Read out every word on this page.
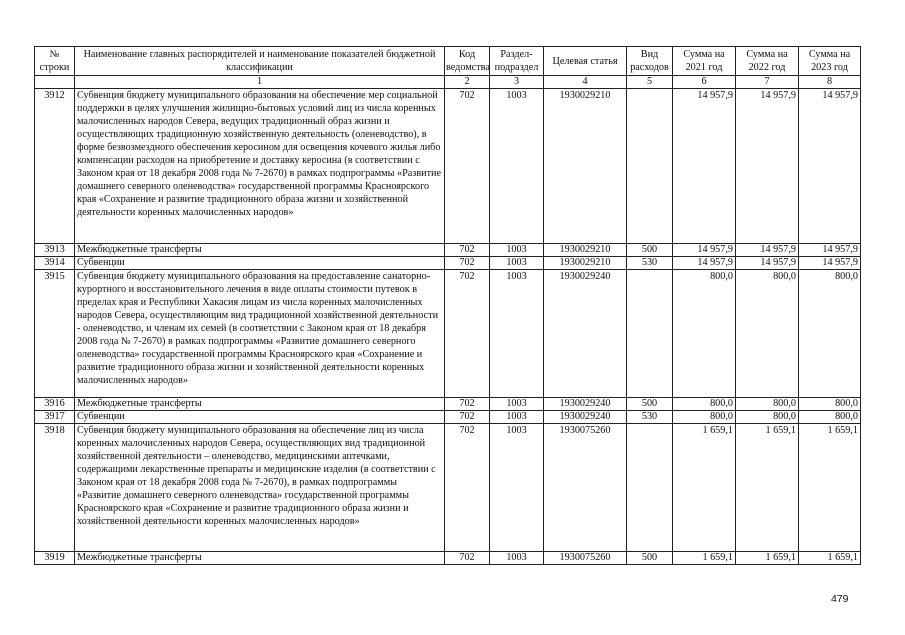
№ строки	Наименование главных распорядителей и наименование показателей бюджетной классификации	Код ведомства	Раздел-подраздел	Целевая статья	Вид расходов	Сумма на 2021 год	Сумма на 2022 год	Сумма на 2023 год
	1	2	3	4	5	6	7	8
3912	Субвенция бюджету муниципального образования на обеспечение мер социальной поддержки в целях улучшения жилищно-бытовых условий лиц из числа коренных малочисленных народов Севера, ведущих традиционный образ жизни и осуществляющих традиционную хозяйственную деятельность (оленеводство), в форме безвозмездного обеспечения керосином для освещения кочевого жилья либо компенсации расходов на приобретение и доставку керосина (в соответствии с Законом края от 18 декабря 2008 года № 7-2670) в рамках подпрограммы «Развитие домашнего северного оленеводства» государственной программы Красноярского края «Сохранение и развитие традиционного образа жизни и хозяйственной деятельности коренных малочисленных народов»	702	1003	1930029210		14 957,9	14 957,9	14 957,9
3913	Межбюджетные трансферты	702	1003	1930029210	500	14 957,9	14 957,9	14 957,9
3914	Субвенции	702	1003	1930029210	530	14 957,9	14 957,9	14 957,9
3915	Субвенция бюджету муниципального образования на предоставление санаторно-курортного и восстановительного лечения в виде оплаты стоимости путевок в пределах края и Республики Хакасия лицам из числа коренных малочисленных народов Севера, осуществляющим вид традиционной хозяйственной деятельности - оленеводство, и членам их семей (в соответствии с Законом края от 18 декабря 2008 года № 7-2670) в рамках подпрограммы «Развитие домашнего северного оленеводства» государственной программы Красноярского края «Сохранение и развитие традиционного образа жизни и хозяйственной деятельности коренных малочисленных народов»	702	1003	1930029240		800,0	800,0	800,0
3916	Межбюджетные трансферты	702	1003	1930029240	500	800,0	800,0	800,0
3917	Субвенции	702	1003	1930029240	530	800,0	800,0	800,0
3918	Субвенция бюджету муниципального образования на обеспечение лиц из числа коренных малочисленных народов Севера, осуществляющих вид традиционной хозяйственной деятельности – оленеводство, медицинскими аптечками, содержащими лекарственные препараты и медицинские изделия (в соответствии с Законом края от 18 декабря 2008 года № 7-2670), в рамках подпрограммы «Развитие домашнего северного оленеводства» государственной программы Красноярского края «Сохранение и развитие традиционного образа жизни и хозяйственной деятельности коренных малочисленных народов»	702	1003	1930075260		1 659,1	1 659,1	1 659,1
3919	Межбюджетные трансферты	702	1003	1930075260	500	1 659,1	1 659,1	1 659,1
479
